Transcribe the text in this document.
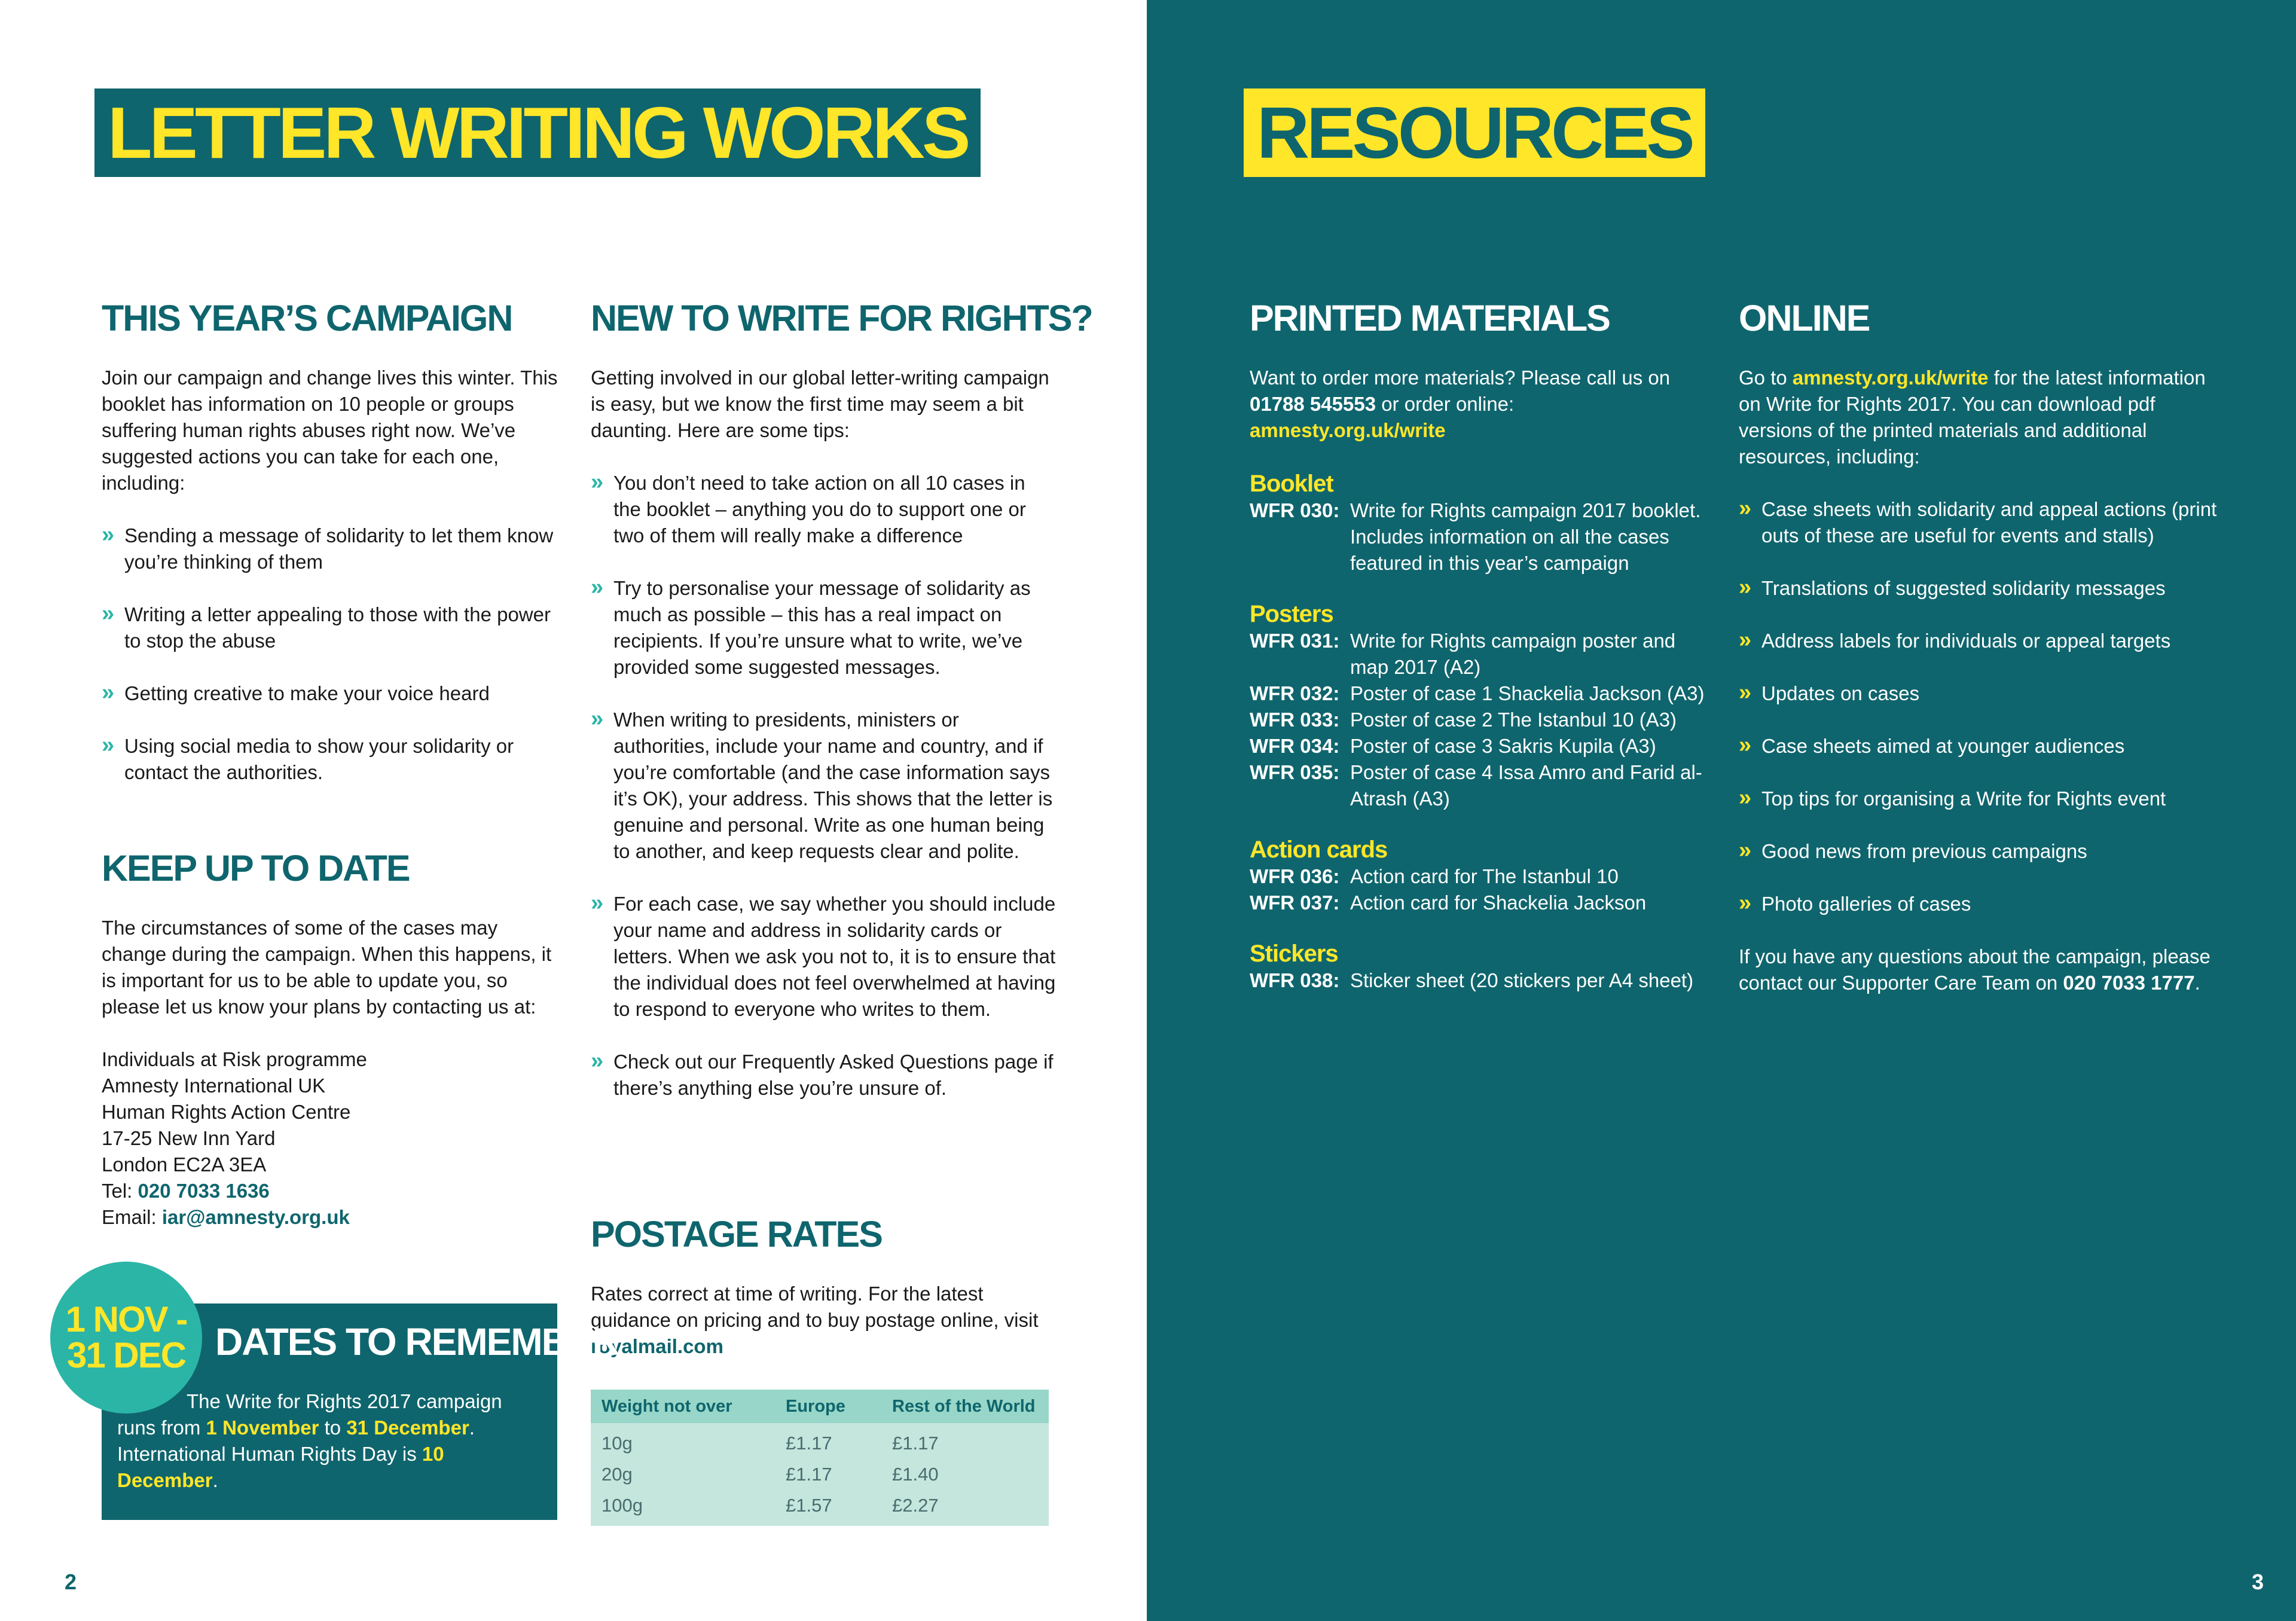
LETTER WRITING WORKS
THIS YEAR’S CAMPAIGN

Join our campaign and change lives this winter. This booklet has information on 10 people or groups suffering human rights abuses right now. We’ve suggested actions you can take for each one, including:

» Sending a message of solidarity to let them know you’re thinking of them
» Writing a letter appealing to those with the power to stop the abuse
» Getting creative to make your voice heard
» Using social media to show your solidarity or contact the authorities.
KEEP UP TO DATE

The circumstances of some of the cases may change during the campaign. When this happens, it is important for us to be able to update you, so please let us know your plans by contacting us at:

Individuals at Risk programme
Amnesty International UK
Human Rights Action Centre
17-25 New Inn Yard
London EC2A 3EA
Tel: 020 7033 1636
Email: iar@amnesty.org.uk
NEW TO WRITE FOR RIGHTS?

Getting involved in our global letter-writing campaign is easy, but we know the first time may seem a bit daunting. Here are some tips:

» You don’t need to take action on all 10 cases in the booklet – anything you do to support one or two of them will really make a difference
» Try to personalise your message of solidarity as much as possible – this has a real impact on recipients. If you’re unsure what to write, we’ve provided some suggested messages.
» When writing to presidents, ministers or authorities, include your name and country, and if you’re comfortable (and the case information says it’s OK), your address. This shows that the letter is genuine and personal. Write as one human being to another, and keep requests clear and polite.
» For each case, we say whether you should include your name and address in solidarity cards or letters. When we ask you not to, it is to ensure that the individual does not feel overwhelmed at having to respond to everyone who writes to them.
» Check out our Frequently Asked Questions page if there’s anything else you’re unsure of.
POSTAGE RATES

Rates correct at time of writing. For the latest guidance on pricing and to buy postage online, visit royalmail.com

Weight not over	Europe	Rest of the World
10g	£1.17	£1.17
20g	£1.17	£1.40
100g	£1.57	£2.27
1 NOV -
31 DEC DATES TO REMEMBER
The Write for Rights 2017 campaign runs from 1 November to 31 December. International Human Rights Day is 10 December.
2
RESOURCES
PRINTED MATERIALS

Want to order more materials? Please call us on 01788 545553 or order online:
amnesty.org.uk/write

Booklet
WFR 030: Write for Rights campaign 2017 booklet. Includes information on all the cases featured in this year’s campaign
Posters
WFR 031: Write for Rights campaign poster and map 2017 (A2)
WFR 032: Poster of case 1 Shackelia Jackson (A3)
WFR 033: Poster of case 2 The Istanbul 10 (A3)
WFR 034: Poster of case 3 Sakris Kupila (A3)
WFR 035: Poster of case 4 Issa Amro and Farid al-Atrash (A3)
Action cards
WFR 036: Action card for The Istanbul 10
WFR 037: Action card for Shackelia Jackson
Stickers
WFR 038: Sticker sheet (20 stickers per A4 sheet)
ONLINE

Go to amnesty.org.uk/write for the latest information on Write for Rights 2017. You can download pdf versions of the printed materials and additional resources, including:

» Case sheets with solidarity and appeal actions (print outs of these are useful for events and stalls)
» Translations of suggested solidarity messages
» Address labels for individuals or appeal targets
» Updates on cases
» Case sheets aimed at younger audiences
» Top tips for organising a Write for Rights event
» Good news from previous campaigns
» Photo galleries of cases

If you have any questions about the campaign, please contact our Supporter Care Team on 020 7033 1777.

3
